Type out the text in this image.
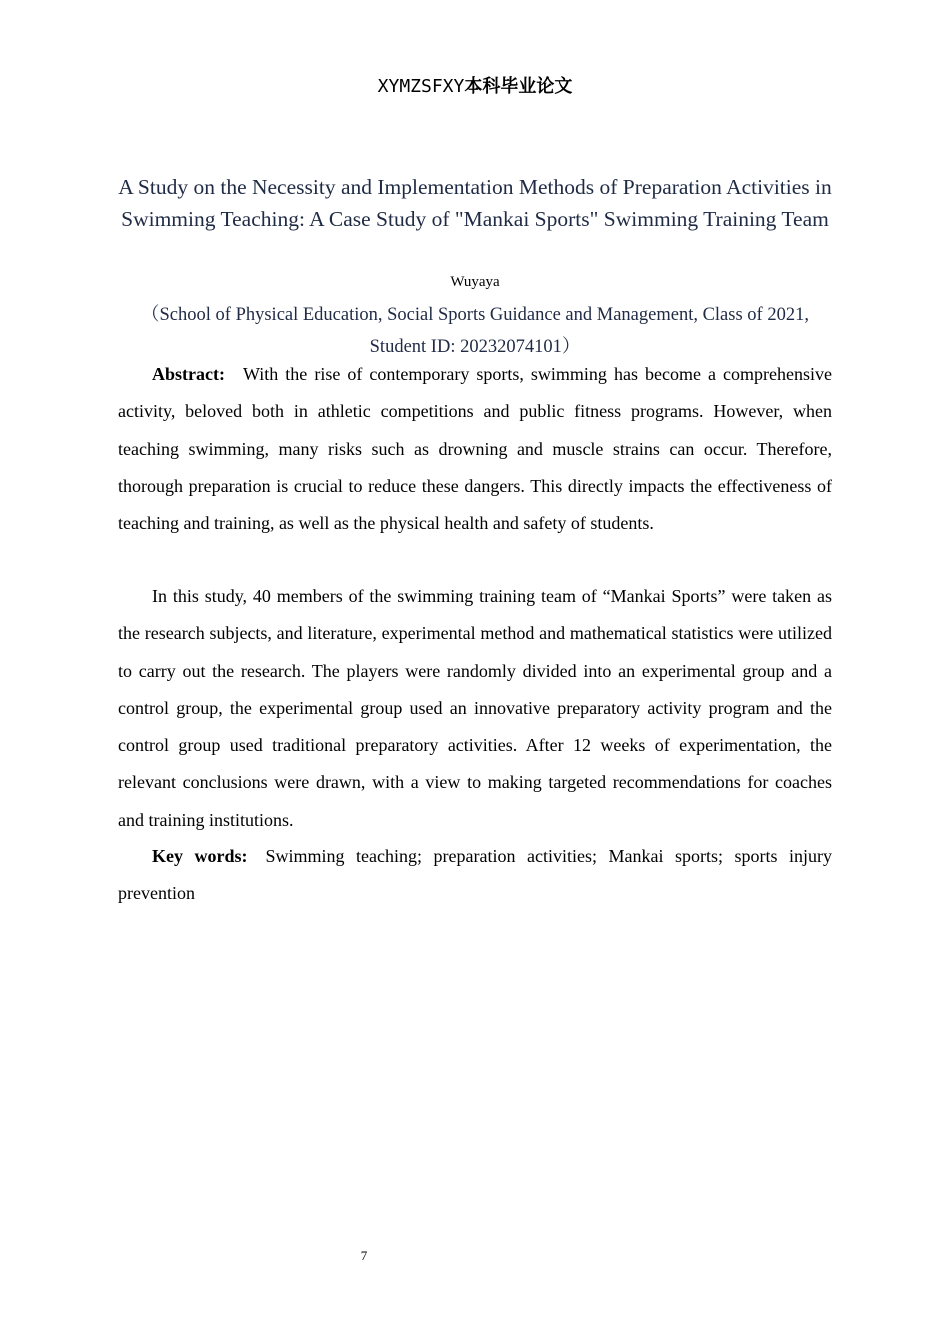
XYMZSFXY本科毕业论文
A Study on the Necessity and Implementation Methods of Preparation Activities in Swimming Teaching: A Case Study of "Mankai Sports" Swimming Training Team
Wuyaya
（School of Physical Education, Social Sports Guidance and Management, Class of 2021, Student ID: 20232074101）

Abstract: With the rise of contemporary sports, swimming has become a comprehensive activity, beloved both in athletic competitions and public fitness programs. However, when teaching swimming, many risks such as drowning and muscle strains can occur. Therefore, thorough preparation is crucial to reduce these dangers. This directly impacts the effectiveness of teaching and training, as well as the physical health and safety of students.

In this study, 40 members of the swimming training team of “Mankai Sports” were taken as the research subjects, and literature, experimental method and mathematical statistics were utilized to carry out the research. The players were randomly divided into an experimental group and a control group, the experimental group used an innovative preparatory activity program and the control group used traditional preparatory activities. After 12 weeks of experimentation, the relevant conclusions were drawn, with a view to making targeted recommendations for coaches and training institutions.

Key words: Swimming teaching; preparation activities; Mankai sports; sports injury prevention

7
